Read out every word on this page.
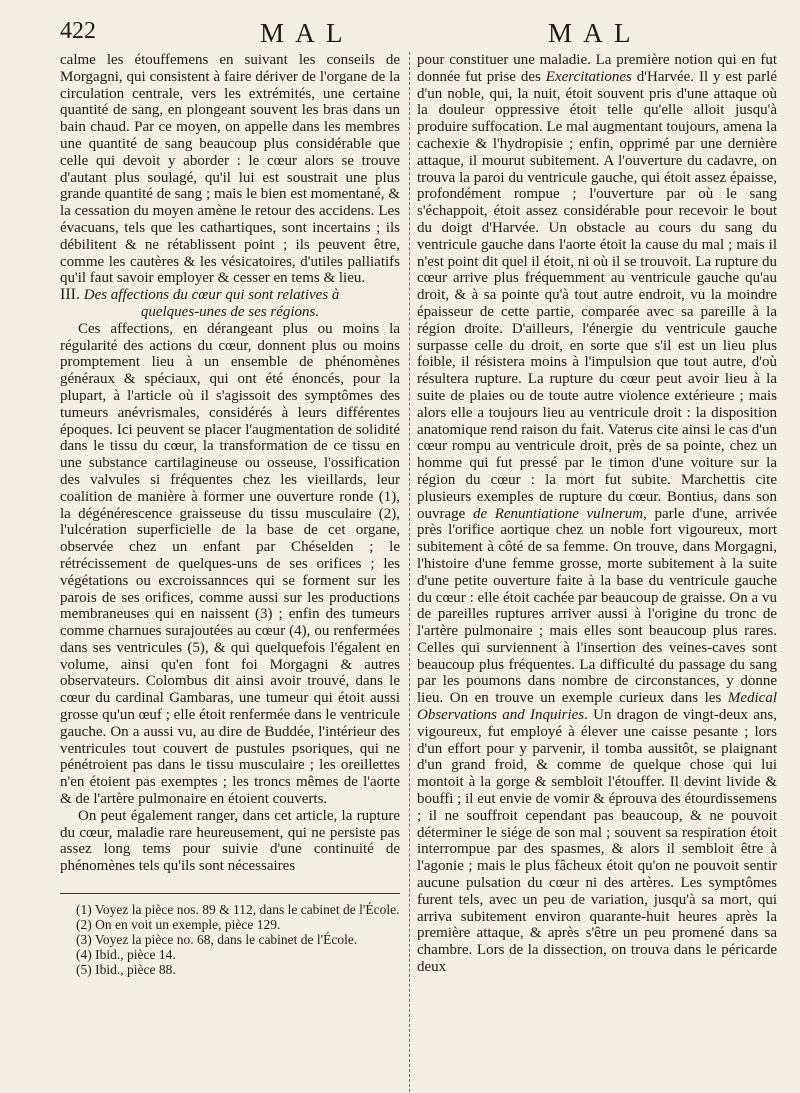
422	M A L	M A L

calme les étouffemens en suivant les conseils de Morgagni, qui consistent à faire dériver de l'organe de la circulation centrale, vers les extrémités, une certaine quantité de sang, en plongeant souvent les bras dans un bain chaud. Par ce moyen, on appelle dans les membres une quantité de sang beaucoup plus considérable que celle qui devoit y aborder : le cœur alors se trouve d'autant plus soulagé, qu'il lui est soustrait une plus grande quantité de sang ; mais le bien est momentané, & la cessation du moyen amène le retour des accidens. Les évacuans, tels que les cathartiques, sont incertains ; ils débilitent & ne rétablissent point ; ils peuvent être, comme les cautères & les vésicatoires, d'utiles palliatifs qu'il faut savoir employer & cesser en tems & lieu.

III. Des affections du cœur qui sont relatives à
quelques-unes de ses régions.

Ces affections, en dérangeant plus ou moins la régularité des actions du cœur, donnent plus ou moins promptement lieu à un ensemble de phénomènes généraux & spéciaux, qui ont été énoncés, pour la plupart, à l'article où il s'agissoit des symptômes des tumeurs anévrismales, considérés à leurs différentes époques. Ici peuvent se placer l'augmentation de solidité dans le tissu du cœur, la transformation de ce tissu en une substance cartilagineuse ou osseuse, l'ossification des valvules si fréquentes chez les vieillards, leur coalition de manière à former une ouverture ronde (1), la dégénérescence graisseuse du tissu musculaire (2), l'ulcération superficielle de la base de cet organe, observée chez un enfant par Chéselden ; le rétrécissement de quelques-uns de ses orifices ; les végétations ou excroissannces qui se forment sur les parois de ses orifices, comme aussi sur les productions membraneuses qui en naissent (3) ; enfin des tumeurs comme charnues surajoutées au cœur (4), ou renfermées dans ses ventricules (5), & qui quelquefois l'égalent en volume, ainsi qu'en font foi Morgagni & autres observateurs. Colombus dit ainsi avoir trouvé, dans le cœur du cardinal Gambaras, une tumeur qui étoit aussi grosse qu'un œuf ; elle étoit renfermée dans le ventricule gauche. On a aussi vu, au dire de Buddée, l'intérieur des ventricules tout couvert de pustules psoriques, qui ne pénétroient pas dans le tissu musculaire ; les oreillettes n'en étoient pas exemptes ; les troncs mêmes de l'aorte & de l'artère pulmonaire en étoient couverts.

On peut également ranger, dans cet article, la rupture du cœur, maladie rare heureusement, qui ne persiste pas assez long tems pour suivie d'une continuité de phénomènes tels qu'ils sont nécessaires

(1) Voyez la pièce nos. 89 & 112, dans le cabinet de l'École.
(2) On en voit un exemple, pièce 129.
(3) Voyez la pièce no. 68, dans le cabinet de l'École.
(4) Ibid., pièce 14.
(5) Ibid., pièce 88.

pour constituer une maladie. La première notion qui en fut donnée fut prise des Exercitationes d'Harvée. Il y est parlé d'un noble, qui, la nuit, étoit souvent pris d'une attaque où la douleur oppressive étoit telle qu'elle alloit jusqu'à produire suffocation. Le mal augmentant toujours, amena la cachexie & l'hydropisie ; enfin, opprimé par une dernière attaque, il mourut subitement. A l'ouverture du cadavre, on trouva la paroi du ventricule gauche, qui étoit assez épaisse, profondément rompue ; l'ouverture par où le sang s'échappoit, étoit assez considérable pour recevoir le bout du doigt d'Harvée. Un obstacle au cours du sang du ventricule gauche dans l'aorte étoit la cause du mal ; mais il n'est point dit quel il étoit, ni où il se trouvoit. La rupture du cœur arrive plus fréquemment au ventricule gauche qu'au droit, & à sa pointe qu'à tout autre endroit, vu la moindre épaisseur de cette partie, comparée avec sa pareille à la région droite. D'ailleurs, l'énergie du ventricule gauche surpasse celle du droit, en sorte que s'il est un lieu plus foible, il résistera moins à l'impulsion que tout autre, d'où résultera rupture. La rupture du cœur peut avoir lieu à la suite de plaies ou de toute autre violence extérieure ; mais alors elle a toujours lieu au ventricule droit : la disposition anatomique rend raison du fait. Vaterus cite ainsi le cas d'un cœur rompu au ventricule droit, près de sa pointe, chez un homme qui fut pressé par le timon d'une voiture sur la région du cœur : la mort fut subite. Marchettis cite plusieurs exemples de rupture du cœur. Bontius, dans son ouvrage de Renuntiatione vulnerum, parle d'une, arrivée près l'orifice aortique chez un noble fort vigoureux, mort subitement à côté de sa femme. On trouve, dans Morgagni, l'histoire d'une femme grosse, morte subitement à la suite d'une petite ouverture faite à la base du ventricule gauche du cœur : elle étoit cachée par beaucoup de graisse. On a vu de pareilles ruptures arriver aussi à l'origine du tronc de l'artère pulmonaire ; mais elles sont beaucoup plus rares. Celles qui surviennent à l'insertion des veines-caves sont beaucoup plus fréquentes. La difficulté du passage du sang par les poumons dans nombre de circonstances, y donne lieu. On en trouve un exemple curieux dans les Medical Observations and Inquiries. Un dragon de vingt-deux ans, vigoureux, fut employé à élever une caisse pesante ; lors d'un effort pour y parvenir, il tomba aussitôt, se plaignant d'un grand froid, & comme de quelque chose qui lui montoit à la gorge & sembloit l'étouffer. Il devint livide & bouffi ; il eut envie de vomir & éprouva des étourdissemens ; il ne souffroit cependant pas beaucoup, & ne pouvoit déterminer le siége de son mal ; souvent sa respiration étoit interrompue par des spasmes, & alors il sembloit être à l'agonie ; mais le plus fâcheux étoit qu'on ne pouvoit sentir aucune pulsation du cœur ni des artères. Les symptômes furent tels, avec un peu de variation, jusqu'à sa mort, qui arriva subitement environ quarante-huit heures après la première attaque, & après s'être un peu promené dans sa chambre. Lors de la dissection, on trouva dans le péricarde deux
